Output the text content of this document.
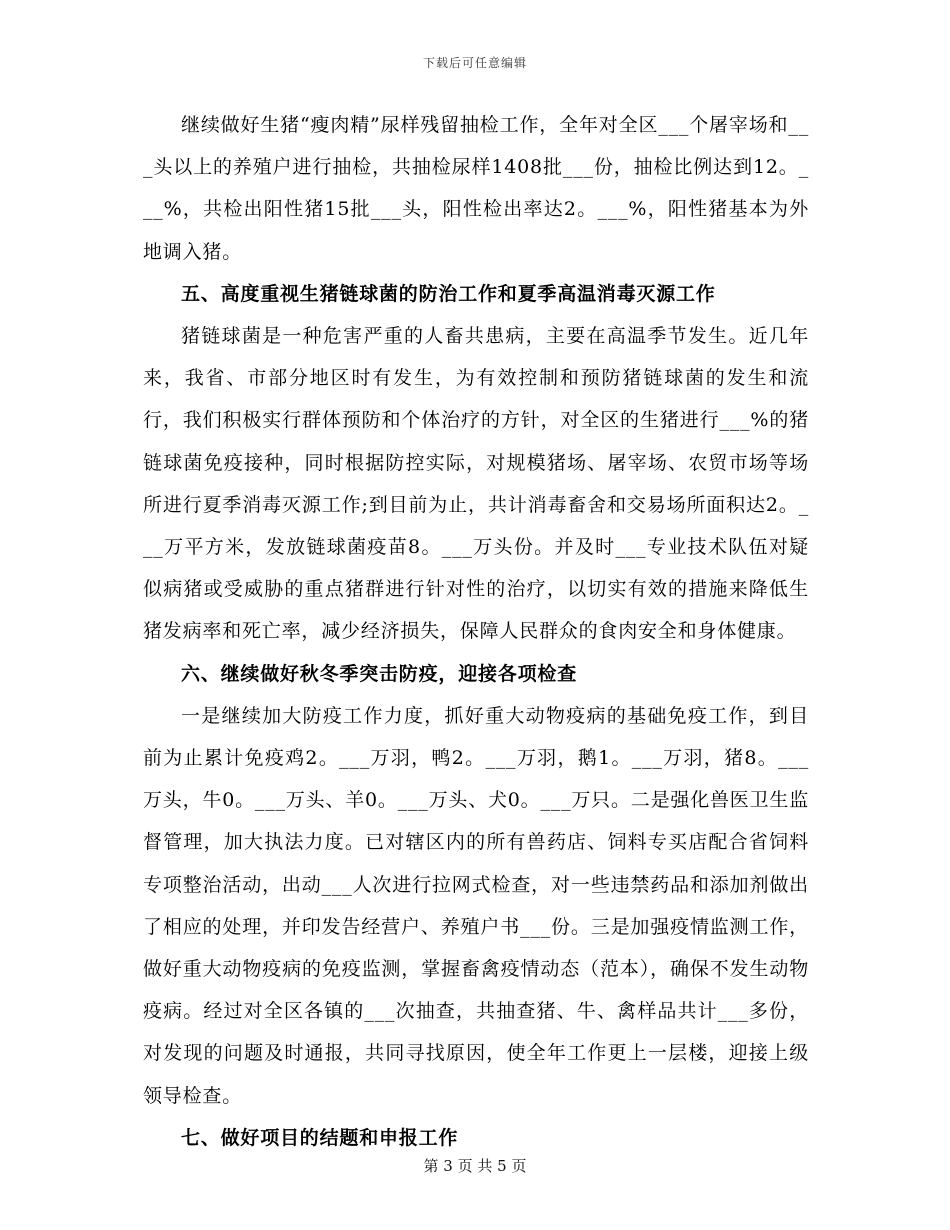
下载后可任意编辑

继续做好生猪“瘦肉精”尿样残留抽检工作，全年对全区___个屠宰场和___头以上的养殖户进行抽检，共抽检尿样1408批___份，抽检比例达到12。___%，共检出阳性猪15批___头，阳性检出率达2。___%，阳性猪基本为外地调入猪。

五、高度重视生猪链球菌的防治工作和夏季高温消毒灭源工作

猪链球菌是一种危害严重的人畜共患病，主要在高温季节发生。近几年来，我省、市部分地区时有发生，为有效控制和预防猪链球菌的发生和流行，我们积极实行群体预防和个体治疗的方针，对全区的生猪进行___%的猪链球菌免疫接种，同时根据防控实际，对规模猪场、屠宰场、农贸市场等场所进行夏季消毒灭源工作;到目前为止，共计消毒畜舍和交易场所面积达2。___万平方米，发放链球菌疫苗8。___万头份。并及时___专业技术队伍对疑似病猪或受威胁的重点猪群进行针对性的治疗，以切实有效的措施来降低生猪发病率和死亡率，减少经济损失，保障人民群众的食肉安全和身体健康。

六、继续做好秋冬季突击防疫，迎接各项检查

一是继续加大防疫工作力度，抓好重大动物疫病的基础免疫工作，到目前为止累计免疫鸡2。___万羽，鸭2。___万羽，鹅1。___万羽，猪8。___万头，牛0。___万头、羊0。___万头、犬0。___万只。二是强化兽医卫生监督管理，加大执法力度。已对辖区内的所有兽药店、饲料专买店配合省饲料专项整治活动，出动___人次进行拉网式检查，对一些违禁药品和添加剂做出了相应的处理，并印发告经营户、养殖户书___份。三是加强疫情监测工作，做好重大动物疫病的免疫监测，掌握畜禽疫情动态（范本），确保不发生动物疫病。经过对全区各镇的___次抽查，共抽查猪、牛、禽样品共计___多份，对发现的问题及时通报，共同寻找原因，使全年工作更上一层楼，迎接上级领导检查。

七、做好项目的结题和申报工作

第 3 页 共 5 页
